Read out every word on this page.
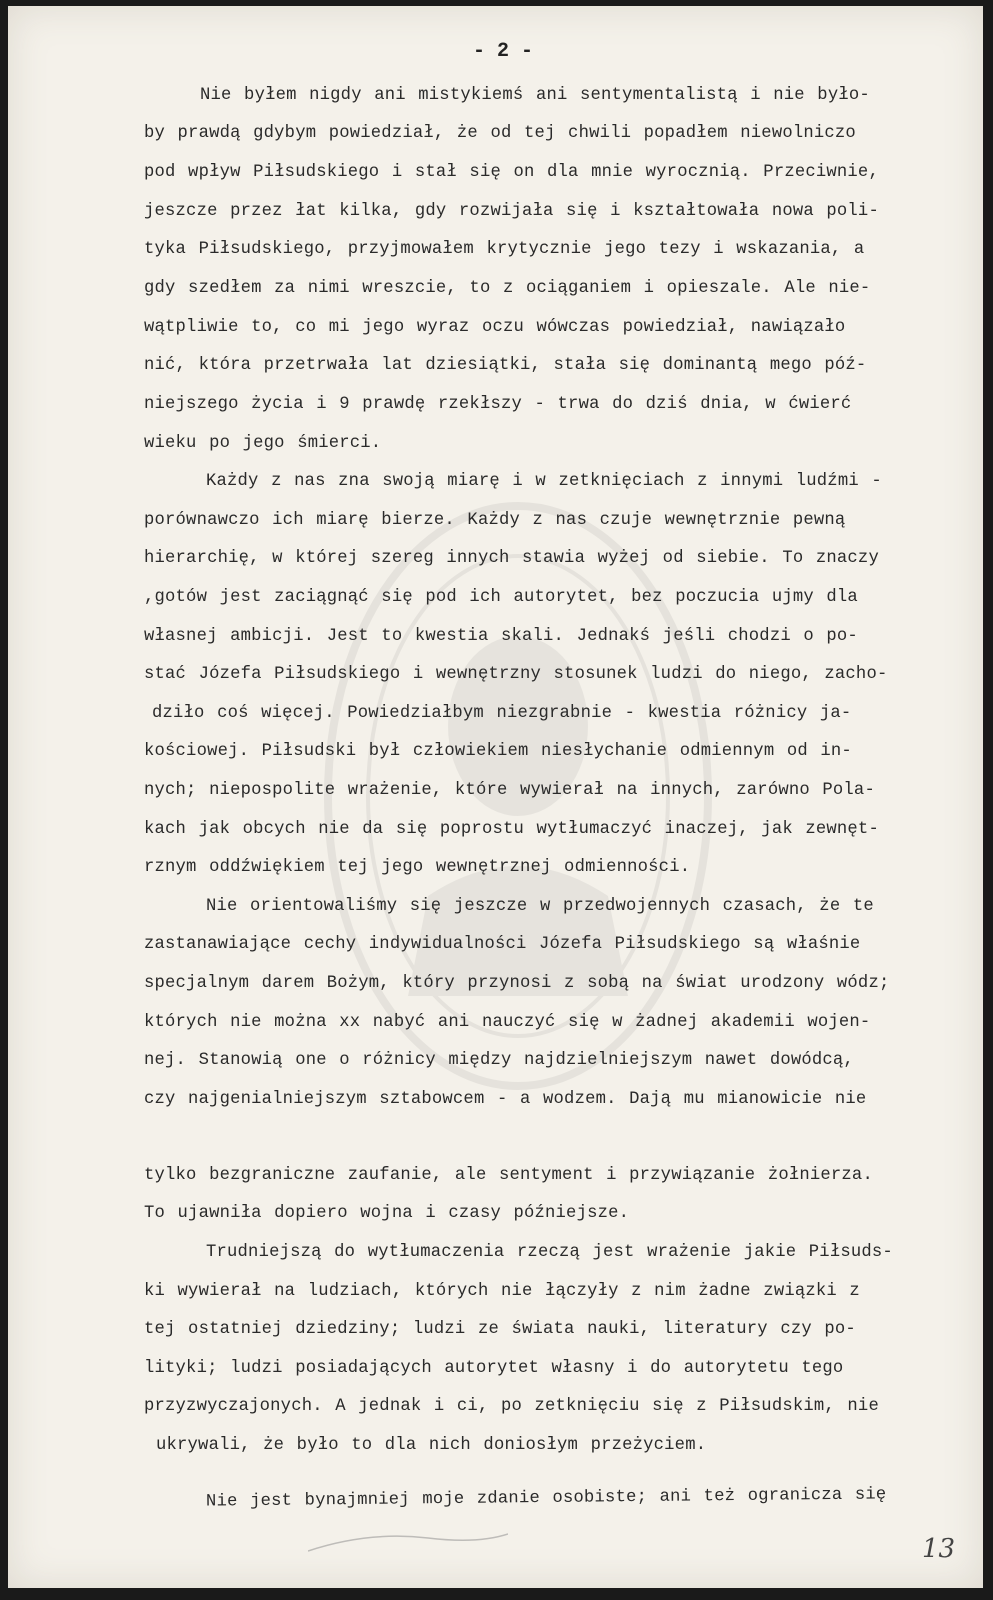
- 2 -

Nie byłem nigdy ani mistykiemś ani sentymentalistą i nie było-

by prawdą gdybym powiedział, że od tej chwili popadłem niewolniczo

pod wpływ Piłsudskiego i stał się on dla mnie wyrocznią. Przeciwnie,

jeszcze przez łat kilka, gdy rozwijała się i kształtowała nowa poli-

tyka Piłsudskiego, przyjmowałem krytycznie jego tezy i wskazania, a

gdy szedłem za nimi wreszcie, to z ociąganiem i opieszale. Ale nie-

wątpliwie to, co mi jego wyraz oczu wówczas powiedział, nawiązało

nić, która przetrwała lat dziesiątki, stała się dominantą mego póź-

niejszego życia i 9 prawdę rzekłszy - trwa do dziś dnia, w ćwierć

wieku po jego śmierci.

Każdy z nas zna swoją miarę i w zetknięciach z innymi ludźmi -

porównawczo ich miarę bierze. Każdy z nas czuje wewnętrznie pewną

hierarchię, w której szereg innych stawia wyżej od siebie. To znaczy

,gotów jest zaciągnąć się pod ich autorytet, bez poczucia ujmy dla

własnej ambicji. Jest to kwestia skali. Jednakś jeśli chodzi o po-

stać Józefa Piłsudskiego i wewnętrzny stosunek ludzi do niego, zacho-

dziło coś więcej. Powiedziałbym niezgrabnie - kwestia różnicy ja-

kościowej. Piłsudski był człowiekiem niesłychanie odmiennym od in-

nych; niepospolite wrażenie, które wywierał na innych, zarówno Pola-

kach jak obcych nie da się poprostu wytłumaczyć inaczej, jak zewnęt-

rznym oddźwiękiem tej jego wewnętrznej odmienności.

Nie orientowaliśmy się jeszcze w przedwojennych czasach, że te

zastanawiające cechy indywidualności Józefa Piłsudskiego są właśnie

specjalnym darem Bożym, który przynosi z sobą na świat urodzony wódz;

których nie można xx nabyć ani nauczyć się w żadnej akademii wojen-

nej. Stanowią one o różnicy między najdzielniejszym nawet dowódcą,

czy najgenialniejszym sztabowcem - a wodzem. Dają mu mianowicie nie

tylko bezgraniczne zaufanie, ale sentyment i przywiązanie żołnierza.

To ujawniła dopiero wojna i czasy późniejsze.

Trudniejszą do wytłumaczenia rzeczą jest wrażenie jakie Piłsuds-

ki wywierał na ludziach, których nie łączyły z nim żadne związki z

tej ostatniej dziedziny; ludzi ze świata nauki, literatury czy po-

lityki; ludzi posiadających autorytet własny i do autorytetu tego

przyzwyczajonych. A jednak i ci, po zetknięciu się z Piłsudskim, nie

ukrywali, że było to dla nich doniosłym przeżyciem.

Nie jest bynajmniej moje zdanie osobiste; ani też ogranicza się

13
